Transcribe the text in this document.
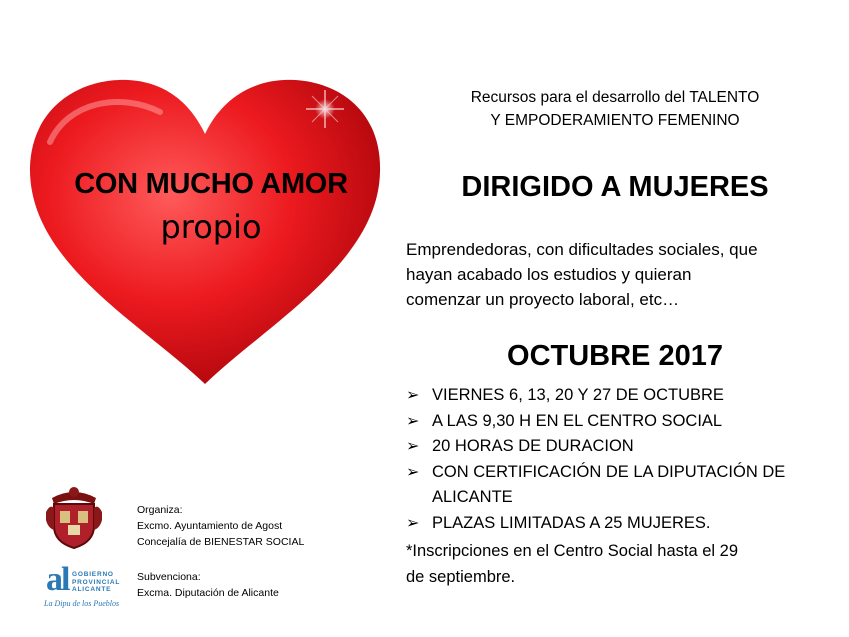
CON MUCHO AMOR
propio
Recursos para el desarrollo del TALENTO
Y EMPODERAMIENTO FEMENINO
DIRIGIDO A MUJERES
Emprendedoras, con dificultades sociales, que
hayan acabado los estudios y quieran
comenzar un proyecto laboral, etc…
OCTUBRE 2017
➢ VIERNES 6, 13, 20 Y 27 DE OCTUBRE
➢ A LAS 9,30 H EN EL CENTRO SOCIAL
➢ 20 HORAS DE DURACION
➢ CON CERTIFICACIÓN DE LA DIPUTACIÓN DE ALICANTE
➢ PLAZAS LIMITADAS A 25 MUJERES.
*Inscripciones en el Centro Social hasta el 29
de septiembre.
Organiza:
Excmo. Ayuntamiento de Agost
Concejalía de BIENESTAR SOCIAL
al GOBIERNO
PROVINCIAL
ALICANTE
La Dipu de los Pueblos
Subvenciona:
Excma. Diputación de Alicante
